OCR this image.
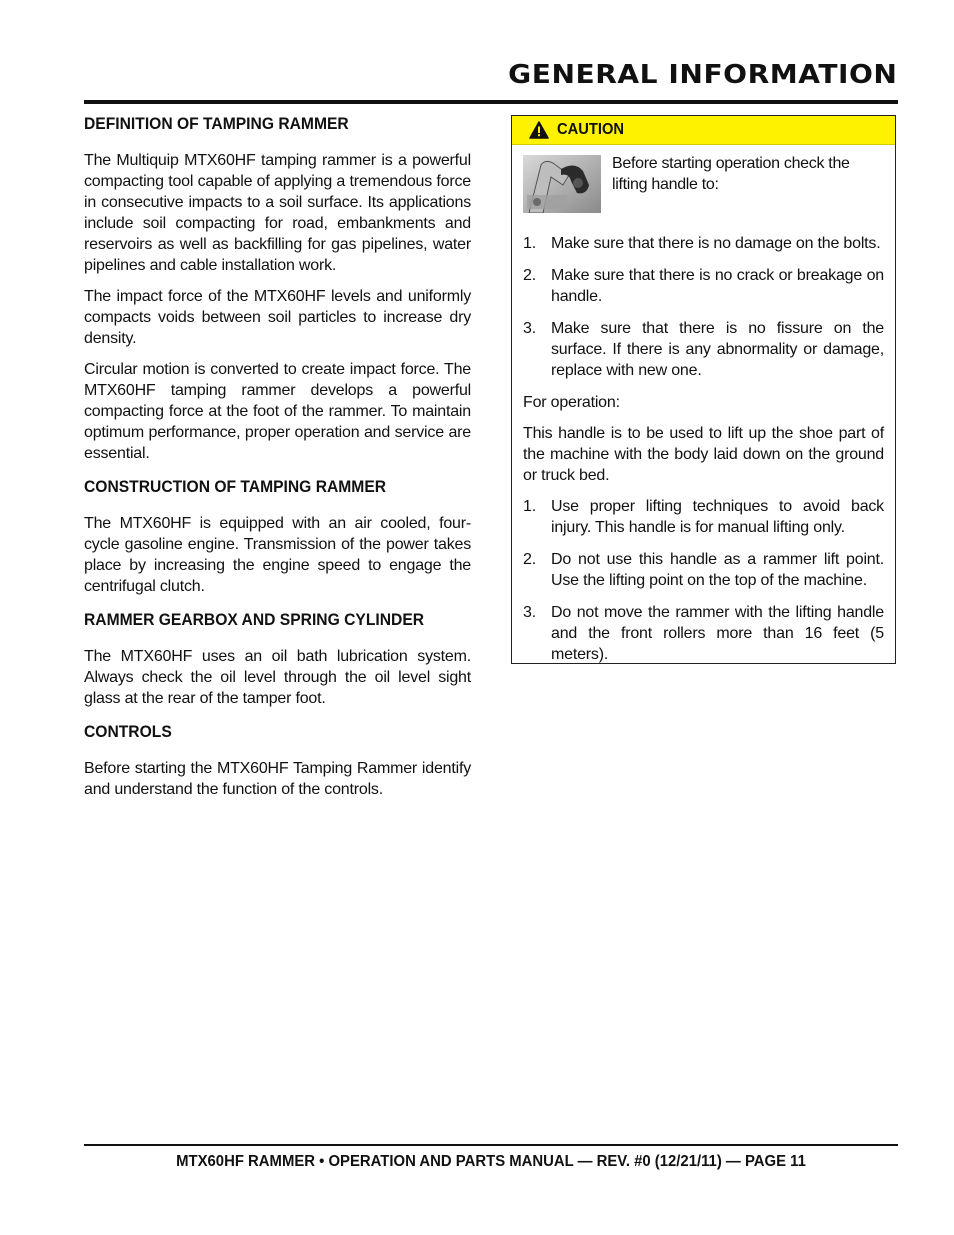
GENERAL INFORMATION
DEFINITION OF TAMPING RAMMER

The Multiquip MTX60HF tamping rammer is a powerful compacting tool capable of applying a tremendous force in consecutive impacts to a soil surface. Its applications include soil compacting for road, embankments and reservoirs as well as backfilling for gas pipelines, water pipelines and cable installation work.

The impact force of the MTX60HF levels and uniformly compacts voids between soil particles to increase dry density.

Circular motion is converted to create impact force. The MTX60HF tamping rammer develops a powerful compacting force at the foot of the rammer. To maintain optimum performance, proper operation and service are essential.

CONSTRUCTION OF TAMPING RAMMER

The MTX60HF is equipped with an air cooled, four- cycle gasoline engine. Transmission of the power takes place by increasing the engine speed to engage the centrifugal clutch.

RAMMER GEARBOX AND SPRING CYLINDER

The MTX60HF uses an oil bath lubrication system. Always check the oil level through the oil level sight glass at the rear of the tamper foot.

CONTROLS

Before starting the MTX60HF Tamping Rammer identify and understand the function of the controls.

CAUTION
Before starting operation check the lifting handle to:
1. Make sure that there is no damage on the bolts.
2. Make sure that there is no crack or breakage on handle.
3. Make sure that there is no fissure on the surface. If there is any abnormality or damage, replace with new one.

For operation:

This handle is to be used to lift up the shoe part of the machine with the body laid down on the ground or truck bed.

1. Use proper lifting techniques to avoid back injury. This handle is for manual lifting only.
2. Do not use this handle as a rammer lift point. Use the lifting point on the top of the machine.
3. Do not move the rammer with the lifting handle and the front rollers more than 16 feet (5 meters).
MTX60HF RAMMER • OPERATION AND PARTS MANUAL — REV. #0 (12/21/11) — PAGE 11
